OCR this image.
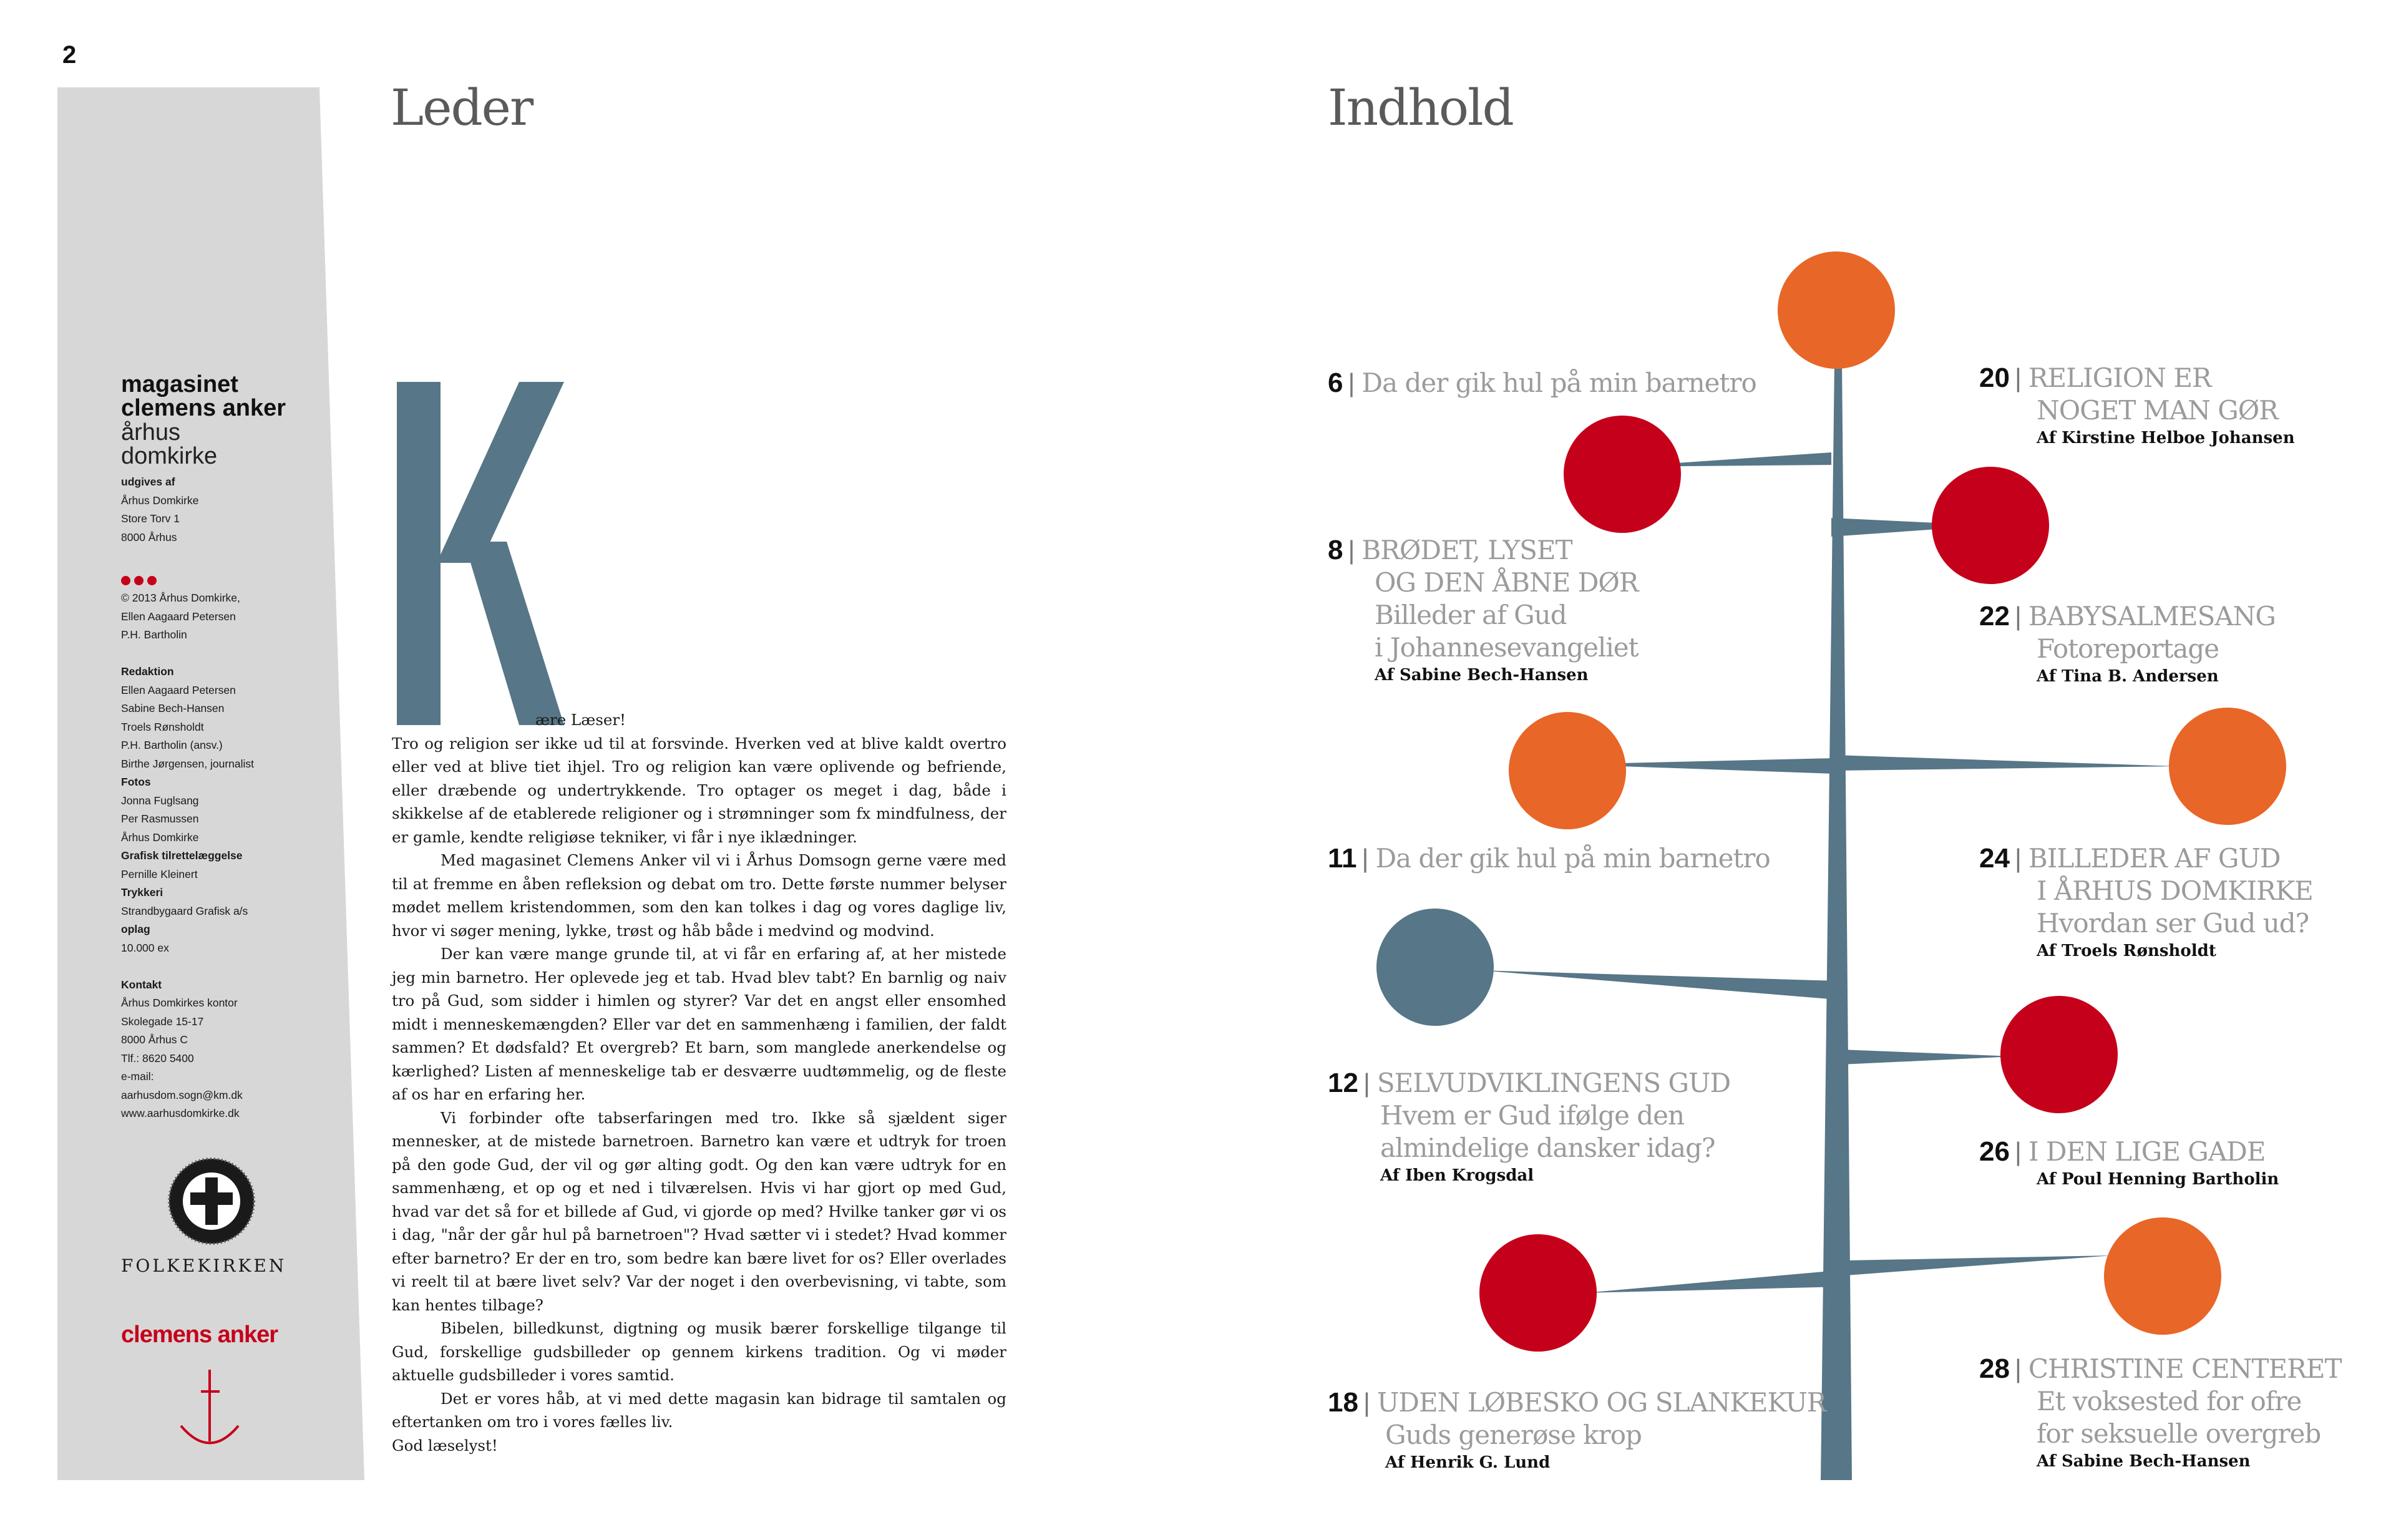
2
magasinet
clemens anker
århus
domkirke
udgives af
Århus Domkirke
Store Torv 1
8000 Århus
© 2013 Århus Domkirke,
Ellen Aagaard Petersen
P.H. Bartholin

Redaktion
Ellen Aagaard Petersen
Sabine Bech-Hansen
Troels Rønsholdt
P.H. Bartholin (ansv.)
Birthe Jørgensen, journalist
Fotos
Jonna Fuglsang
Per Rasmussen
Århus Domkirke
Grafisk tilrettelæggelse
Pernille Kleinert
Trykkeri
Strandbygaard Grafisk a/s
oplag
10.000 ex

Kontakt
Århus Domkirkes kontor
Skolegade 15-17
8000 Århus C
Tlf.: 8620 5400
e-mail:
aarhusdom.sogn@km.dk
www.aarhusdomkirke.dk
FOLKEKIRKEN
clemens anker
Leder
ære Læser!

Tro og religion ser ikke ud til at forsvinde. Hverken ved at blive kaldt overtro eller ved at blive tiet ihjel. Tro og religion kan være oplivende og befriende, eller dræbende og undertrykkende. Tro optager os meget i dag, både i skikkelse af de etablerede religioner og i strømninger som fx mindfulness, der er gamle, kendte religiøse tekniker, vi får i nye iklædninger.

Med magasinet Clemens Anker vil vi i Århus Domsogn gerne være med til at fremme en åben refleksion og debat om tro. Dette første nummer belyser mødet mellem kristendommen, som den kan tolkes i dag og vores daglige liv, hvor vi søger mening, lykke, trøst og håb både i medvind og modvind.

Der kan være mange grunde til, at vi får en erfaring af, at her mistede jeg min barnetro. Her oplevede jeg et tab. Hvad blev tabt? En barnlig og naiv tro på Gud, som sidder i himlen og styrer? Var det en angst eller ensomhed midt i menneskemængden? Eller var det en sammenhæng i familien, der faldt sammen? Et dødsfald? Et overgreb? Et barn, som manglede anerkendelse og kærlighed? Listen af menneskelige tab er desværre uudtømmelig, og de fleste af os har en erfaring her.

Vi forbinder ofte tabserfaringen med tro. Ikke så sjældent siger mennesker, at de mistede barnetroen. Barnetro kan være et udtryk for troen på den gode Gud, der vil og gør alting godt. Og den kan være udtryk for en sammenhæng, et op og et ned i tilværelsen. Hvis vi har gjort op med Gud, hvad var det så for et billede af Gud, vi gjorde op med? Hvilke tanker gør vi os i dag, "når der går hul på barnetroen"? Hvad sætter vi i stedet? Hvad kommer efter barnetro? Er der en tro, som bedre kan bære livet for os? Eller overlades vi reelt til at bære livet selv? Var der noget i den overbevisning, vi tabte, som kan hentes tilbage?

Bibelen, billedkunst, digtning og musik bærer forskellige tilgange til Gud, forskellige gudsbilleder op gennem kirkens tradition. Og vi møder aktuelle gudsbilleder i vores samtid.

Det er vores håb, at vi med dette magasin kan bidrage til samtalen og eftertanken om tro i vores fælles liv.

God læselyst!

Indhold
6 | Da der gik hul på min barnetro
8 | BRØDET, LYSET
OG DEN ÅBNE DØR
Billeder af Gud
i Johannesevangeliet
Af Sabine Bech-Hansen
11 | Da der gik hul på min barnetro
12 | SELVUDVIKLINGENS GUD
Hvem er Gud ifølge den
almindelige dansker idag?
Af Iben Krogsdal
18 | UDEN LØBESKO OG SLANKEKUR
Guds generøse krop
Af Henrik G. Lund
20 | RELIGION ER
NOGET MAN GØR
Af Kirstine Helboe Johansen
22 | BABYSALMESANG
Fotoreportage
Af Tina B. Andersen
24 | BILLEDER AF GUD
I ÅRHUS DOMKIRKE
Hvordan ser Gud ud?
Af Troels Rønsholdt
26 | I DEN LIGE GADE
Af Poul Henning Bartholin
28 | CHRISTINE CENTERET
Et voksested for ofre
for seksuelle overgreb
Af Sabine Bech-Hansen
